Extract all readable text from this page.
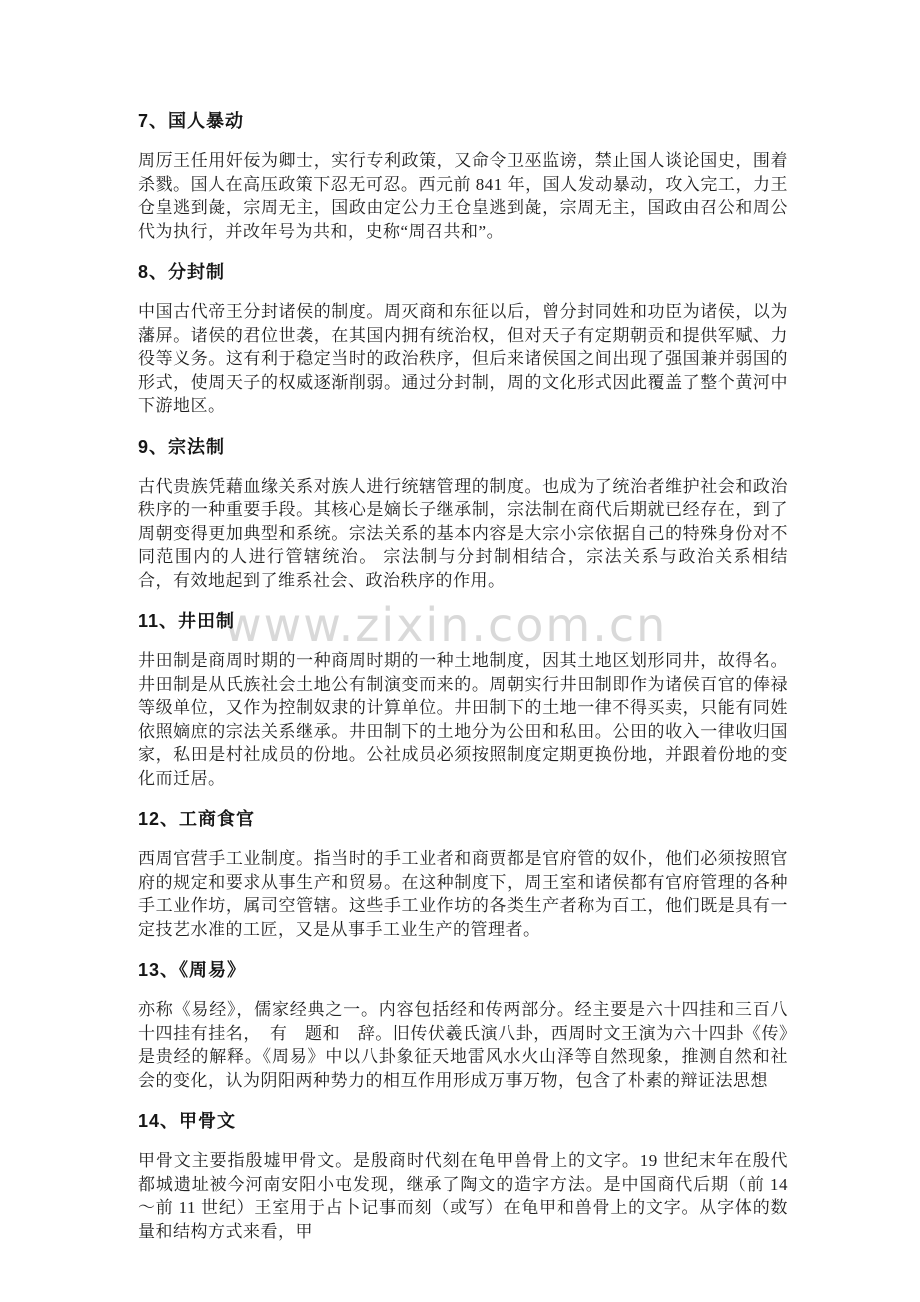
www.zixin.com.cn
7、国人暴动

周厉王任用奸佞为卿士，实行专利政策，又命令卫巫监谤，禁止国人谈论国史，围着杀戮。国人在高压政策下忍无可忍。西元前 841 年，国人发动暴动，攻入完工，力王仓皇逃到彘，宗周无主，国政由定公力王仓皇逃到彘，宗周无主，国政由召公和周公代为执行，并改年号为共和，史称“周召共和”。

8、分封制

中国古代帝王分封诸侯的制度。周灭商和东征以后，曾分封同姓和功臣为诸侯，以为藩屏。诸侯的君位世袭，在其国内拥有统治权，但对天子有定期朝贡和提供军赋、力役等义务。这有利于稳定当时的政治秩序，但后来诸侯国之间出现了强国兼并弱国的形式，使周天子的权威逐渐削弱。通过分封制，周的文化形式因此覆盖了整个黄河中下游地区。

9、宗法制

古代贵族凭藉血缘关系对族人进行统辖管理的制度。也成为了统治者维护社会和政治秩序的一种重要手段。其核心是嫡长子继承制，宗法制在商代后期就已经存在，到了周朝变得更加典型和系统。宗法关系的基本内容是大宗小宗依据自己的特殊身份对不同范围内的人进行管辖统治。 宗法制与分封制相结合，宗法关系与政治关系相结合，有效地起到了维系社会、政治秩序的作用。

11、井田制

井田制是商周时期的一种商周时期的一种土地制度，因其土地区划形同井，故得名。井田制是从氏族社会土地公有制演变而来的。周朝实行井田制即作为诸侯百官的俸禄等级单位，又作为控制奴隶的计算单位。井田制下的土地一律不得买卖，只能有同姓依照嫡庶的宗法关系继承。井田制下的土地分为公田和私田。公田的收入一律收归国家，私田是村社成员的份地。公社成员必须按照制度定期更换份地，并跟着份地的变化而迁居。

12、工商食官

西周官营手工业制度。指当时的手工业者和商贾都是官府管的奴仆，他们必须按照官府的规定和要求从事生产和贸易。在这种制度下，周王室和诸侯都有官府管理的各种手工业作坊，属司空管辖。这些手工业作坊的各类生产者称为百工，他们既是具有一定技艺水准的工匠，又是从事手工业生产的管理者。

13、《周易》

亦称《易经》，儒家经典之一。内容包括经和传两部分。经主要是六十四挂和三百八十四挂有挂名，　有　题和　辞。旧传伏羲氏演八卦，西周时文王演为六十四卦《传》是贵经的解释。《周易》中以八卦象征天地雷风水火山泽等自然现象，推测自然和社会的变化，认为阴阳两种势力的相互作用形成万事万物，包含了朴素的辩证法思想

14、甲骨文

甲骨文主要指殷墟甲骨文。是殷商时代刻在龟甲兽骨上的文字。19 世纪末年在殷代都城遗址被今河南安阳小屯发现，继承了陶文的造字方法。是中国商代后期（前 14～前 11 世纪）王室用于占卜记事而刻（或写）在龟甲和兽骨上的文字。从字体的数量和结构方式来看，甲
